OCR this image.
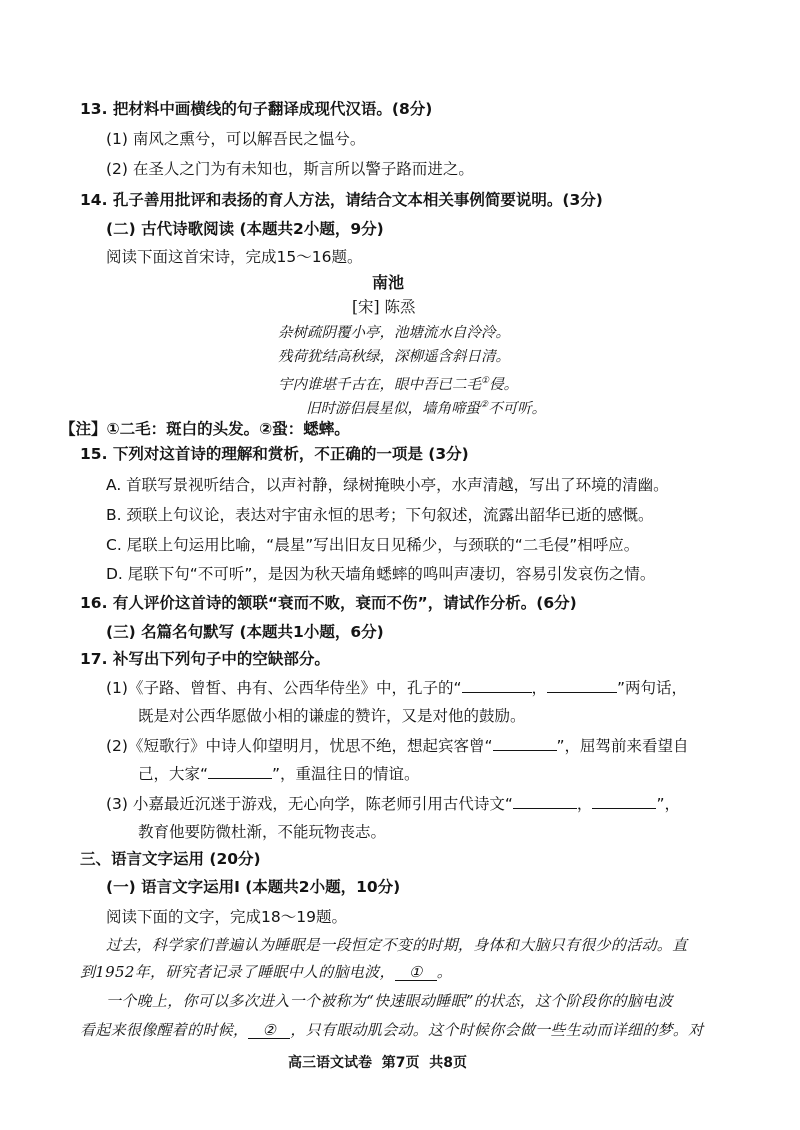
13. 把材料中画横线的句子翻译成现代汉语。(8分)
(1) 南风之熏兮，可以解吾民之愠兮。
(2) 在圣人之门为有未知也，斯言所以警子路而进之。
14. 孔子善用批评和表扬的育人方法，请结合文本相关事例简要说明。(3分)
(二) 古代诗歌阅读 (本题共2小题，9分)
阅读下面这首宋诗，完成15～16题。
南池
[宋] 陈烝
杂树疏阴覆小亭，池塘流水自泠泠。
残荷犹结高秋绿，深柳遥含斜日清。
宇内谁堪千古在，眼中吾已二毛①侵。
旧时游侣晨星似，墙角啼蛩②不可听。
【注】①二毛：斑白的头发。②蛩：蟋蟀。
15. 下列对这首诗的理解和赏析，不正确的一项是 (3分)
A. 首联写景视听结合，以声衬静，绿树掩映小亭，水声清越，写出了环境的清幽。
B. 颈联上句议论，表达对宇宙永恒的思考；下句叙述，流露出韶华已逝的感慨。
C. 尾联上句运用比喻，“晨星”写出旧友日见稀少，与颈联的“二毛侵”相呼应。
D. 尾联下句“不可听”，是因为秋天墙角蟋蟀的鸣叫声凄切，容易引发哀伤之情。
16. 有人评价这首诗的颔联“衰而不败，衰而不伤”，请试作分析。(6分)
(三) 名篇名句默写 (本题共1小题，6分)
17. 补写出下列句子中的空缺部分。
(1)《子路、曾皙、冉有、公西华侍坐》中，孔子的“	，	”两句话，
既是对公西华愿做小相的谦虚的赞许，又是对他的鼓励。
(2)《短歌行》中诗人仰望明月，忧思不绝，想起宾客曾“	”，屈驾前来看望自
己，大家“	”，重温往日的情谊。
(3) 小嘉最近沉迷于游戏，无心向学，陈老师引用古代诗文“	，	”，
教育他要防微杜渐，不能玩物丧志。
三、语言文字运用 (20分)
(一) 语言文字运用Ⅰ (本题共2小题，10分)
阅读下面的文字，完成18～19题。
过去，科学家们普遍认为睡眠是一段恒定不变的时期，身体和大脑只有很少的活动。直
到1952年，研究者记录了睡眠中人的脑电波， ① 。
一个晚上，你可以多次进入一个被称为“快速眼动睡眠”的状态，这个阶段你的脑电波
看起来很像醒着的时候， ② ，只有眼动肌会动。这个时候你会做一些生动而详细的梦。对
高三语文试卷  第7页  共8页
